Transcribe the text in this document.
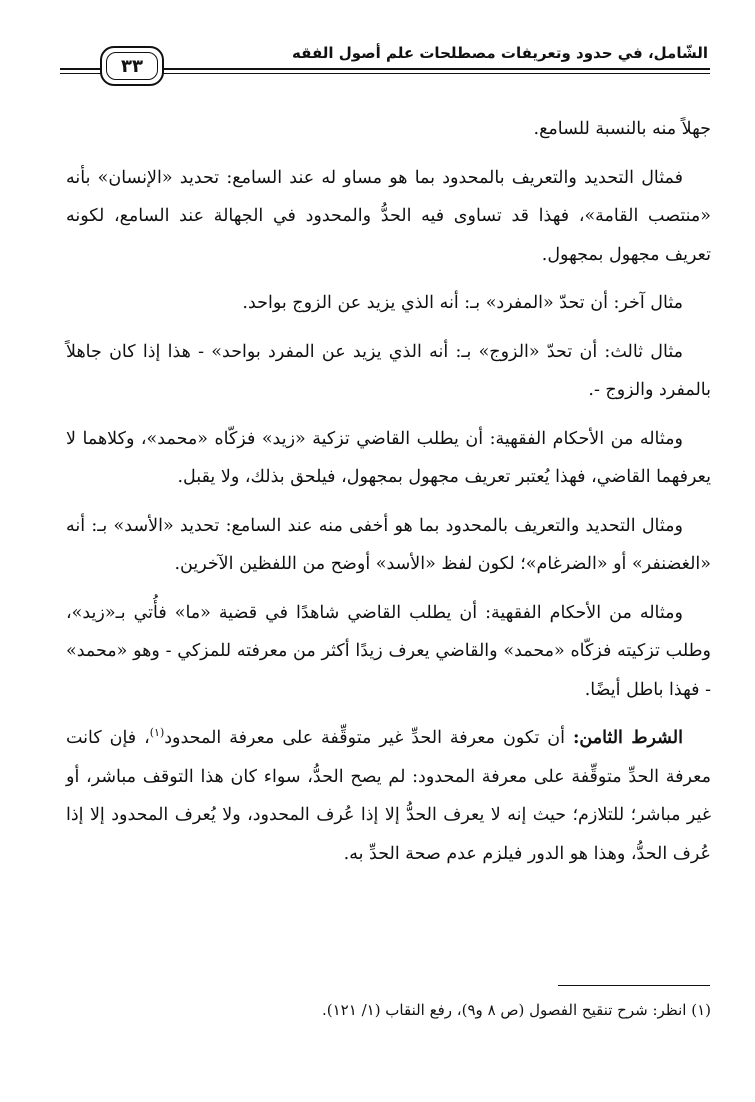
الشّامل، في حدود وتعريفات مصطلحات علم أصول الفقه
٣٣

جهلاً منه بالنسبة للسامع.

فمثال التحديد والتعريف بالمحدود بما هو مساو له عند السامع: تحديد «الإنسان» بأنه «منتصب القامة»، فهذا قد تساوى فيه الحدُّ والمحدود في الجهالة عند السامع، لكونه تعريف مجهول بمجهول.

مثال آخر: أن تحدّ «المفرد» بـ: أنه الذي يزيد عن الزوج بواحد.

مثال ثالث: أن تحدّ «الزوج» بـ: أنه الذي يزيد عن المفرد بواحد» - هذا إذا كان جاهلاً بالمفرد والزوج -.

ومثاله من الأحكام الفقهية: أن يطلب القاضي تزكية «زيد» فزكّاه «محمد»، وكلاهما لا يعرفهما القاضي، فهذا يُعتبر تعريف مجهول بمجهول، فيلحق بذلك، ولا يقبل.

ومثال التحديد والتعريف بالمحدود بما هو أخفى منه عند السامع: تحديد «الأسد» بـ: أنه «الغضنفر» أو «الضرغام»؛ لكون لفظ «الأسد» أوضح من اللفظين الآخرين.

ومثاله من الأحكام الفقهية: أن يطلب القاضي شاهدًا في قضية «ما» فأُتي بـ«زيد»، وطلب تزكيته فزكّاه «محمد» والقاضي يعرف زيدًا أكثر من معرفته للمزكي - وهو «محمد» - فهذا باطل أيضًا.

الشرط الثامن: أن تكون معرفة الحدِّ غير متوقِّفة على معرفة المحدود$^{(١)}$، فإن كانت معرفة الحدِّ متوقِّفة على معرفة المحدود: لم يصح الحدُّ، سواء كان هذا التوقف مباشر، أو غير مباشر؛ للتلازم؛ حيث إنه لا يعرف الحدُّ إلا إذا عُرف المحدود، ولا يُعرف المحدود إلا إذا عُرف الحدُّ، وهذا هو الدور فيلزم عدم صحة الحدِّ به.

(١) انظر: شرح تنقيح الفصول (ص ٨ و٩)، رفع النقاب (١/ ١٢١).
